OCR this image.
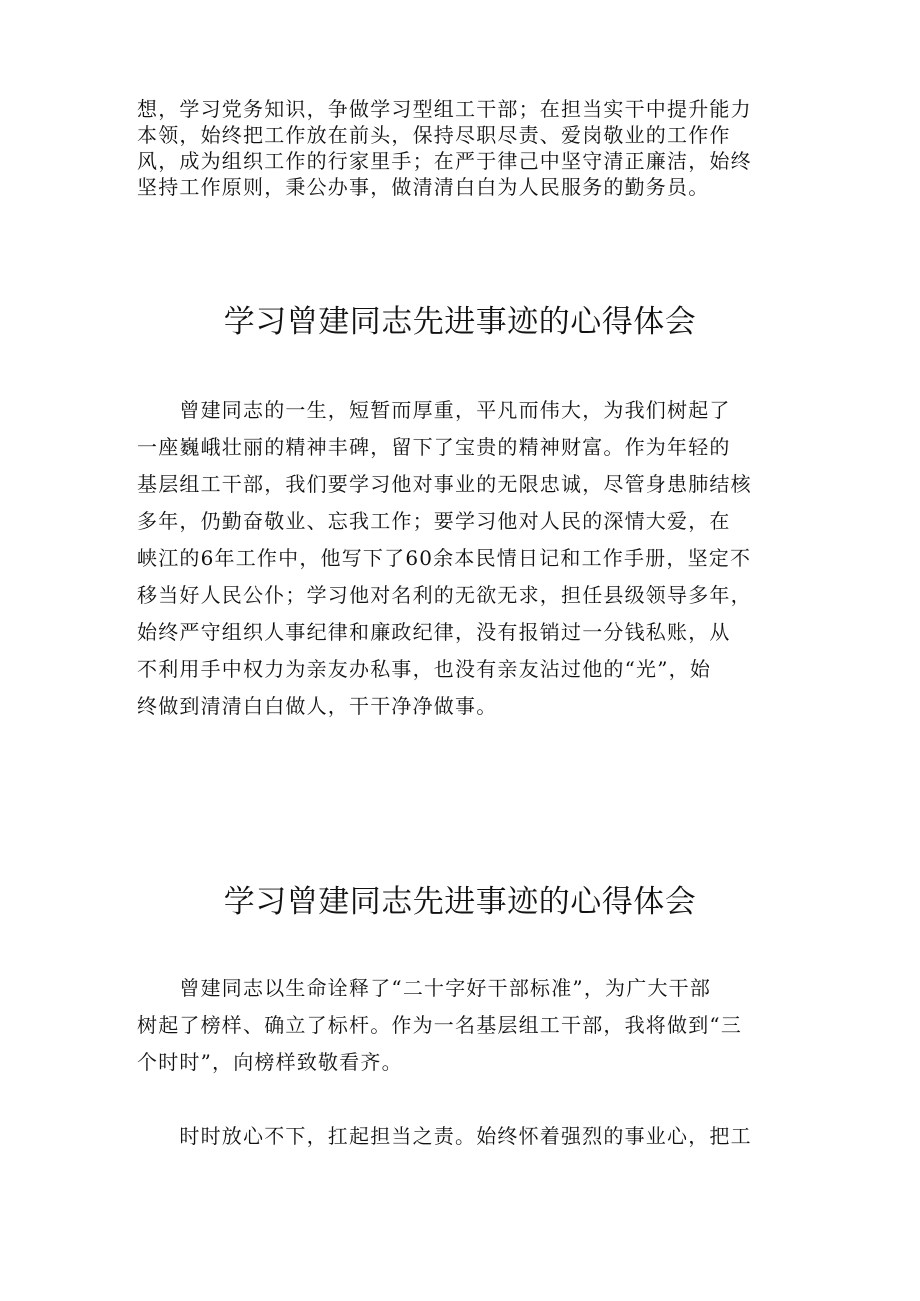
想，学习党务知识，争做学习型组工干部；在担当实干中提升能力
本领，始终把工作放在前头，保持尽职尽责、爱岗敬业的工作作
风，成为组织工作的行家里手；在严于律己中坚守清正廉洁，始终
坚持工作原则，秉公办事，做清清白白为人民服务的勤务员。
学习曾建同志先进事迹的心得体会
　　曾建同志的一生，短暂而厚重，平凡而伟大，为我们树起了
一座巍峨壮丽的精神丰碑，留下了宝贵的精神财富。作为年轻的
基层组工干部，我们要学习他对事业的无限忠诚，尽管身患肺结核
多年，仍勤奋敬业、忘我工作；要学习他对人民的深情大爱，在
峡江的6年工作中，他写下了60余本民情日记和工作手册，坚定不
移当好人民公仆；学习他对名利的无欲无求，担任县级领导多年，
始终严守组织人事纪律和廉政纪律，没有报销过一分钱私账，从
不利用手中权力为亲友办私事，也没有亲友沾过他的“光”，始
终做到清清白白做人，干干净净做事。
学习曾建同志先进事迹的心得体会
　　曾建同志以生命诠释了“二十字好干部标准”，为广大干部
树起了榜样、确立了标杆。作为一名基层组工干部，我将做到“三
个时时”，向榜样致敬看齐。
　　时时放心不下，扛起担当之责。始终怀着强烈的事业心，把工
